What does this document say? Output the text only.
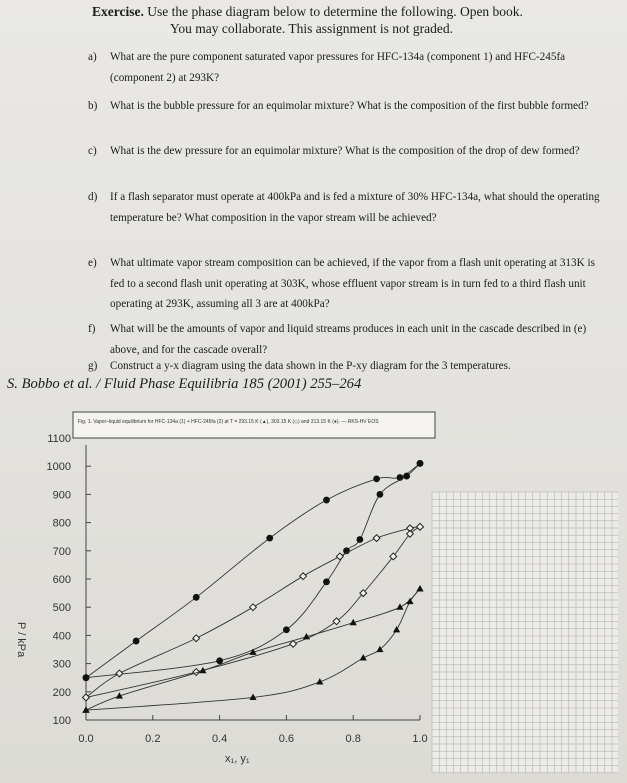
Exercise. Use the phase diagram below to determine the following. Open book.
You may collaborate. This assignment is not graded.
a) What are the pure component saturated vapor pressures for HFC-134a (component 1) and HFC-245fa (component 2) at 293K?
b) What is the bubble pressure for an equimolar mixture? What is the composition of the first bubble formed?
c) What is the dew pressure for an equimolar mixture? What is the composition of the drop of dew formed?
d) If a flash separator must operate at 400kPa and is fed a mixture of 30% HFC-134a, what should the operating temperature be? What composition in the vapor stream will be achieved?
e) What ultimate vapor stream composition can be achieved, if the vapor from a flash unit operating at 313K is fed to a second flash unit operating at 303K, whose effluent vapor stream is in turn fed to a third flash unit operating at 293K, assuming all 3 are at 400kPa?
f) What will be the amounts of vapor and liquid streams produces in each unit in the cascade described in (e) above, and for the cascade overall?
g) Construct a y-x diagram using the data shown in the P-xy diagram for the 3 temperatures.
S. Bobbo et al. / Fluid Phase Equilibria 185 (2001) 255–264
Fig. 1. Vapor–liquid equilibrium for HFC-134a (1) + HFC-245fa (2) at T = 293.15 K (▲), 303.15 K (◇) and 313.15 K (●). — RKS-HV EOS
100
200
300
400
500
600
700
800
900
1000
1100
0.0	0.2	0.4	0.6	0.8	1.0
P / kPa
x₁, y₁
